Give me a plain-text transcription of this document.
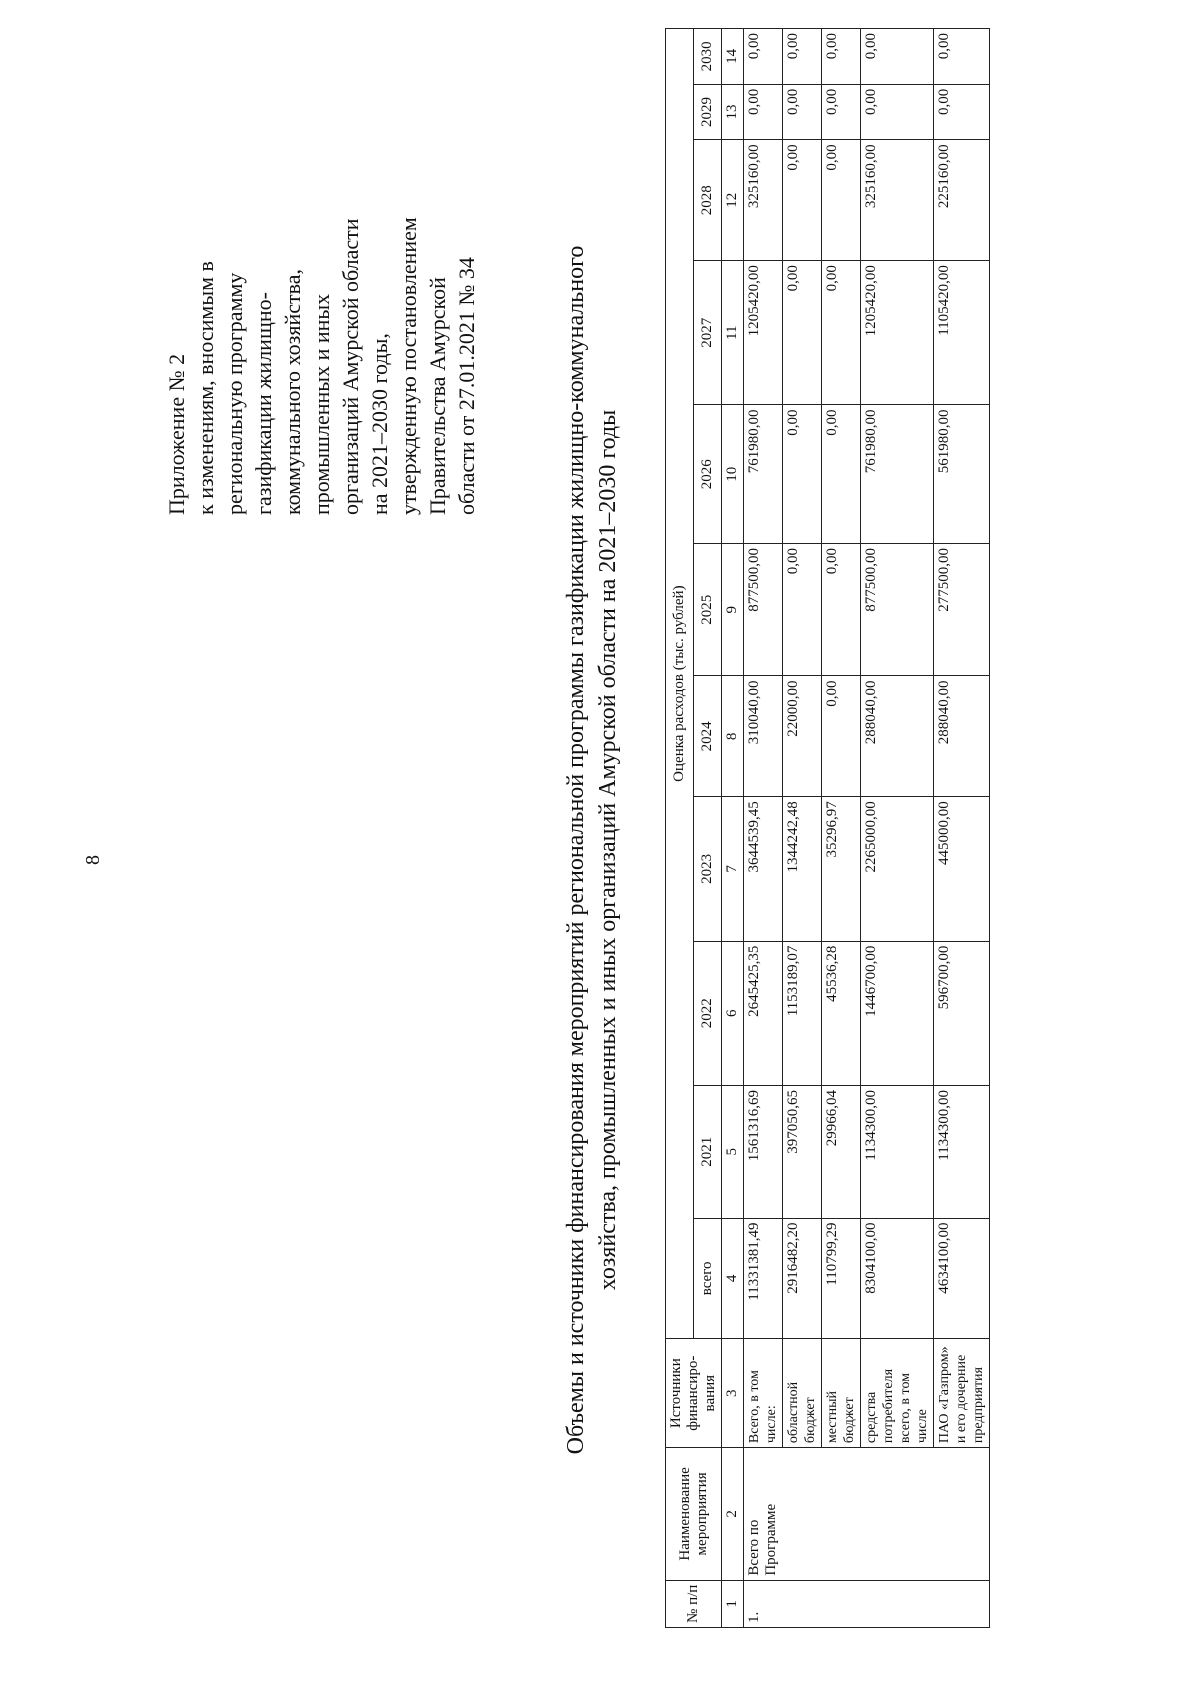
8
Приложение № 2 к изменениям, вносимым в региональную программу газификации жилищно- коммунального хозяйства, промышленных и иных организаций Амурской области на 2021–2030 годы, утвержденную постановлением Правительства Амурской области от 27.01.2021 № 34	Объемы и источники финансирования мероприятий региональной программы газификации жилищно-коммунального хозяйства, промышленных и иных организаций Амурской области на 2021–2030 годы
№ п/п	Наименование мероприятия	Источники финансиро-вания	Оценка расходов (тыс. рублей)										
			всего	2021	2022	2023	2024	2025	2026	2027	2028	2029	2030
1	2	3	4	5	6	7	8	9	10	11	12	13	14
1.	Всего по Программе	Всего, в том числе:	11331381,49	1561316,69	2645425,35	3644539,45	310040,00	877500,00	761980,00	1205420,00	325160,00	0,00	0,00
		областной бюджет	2916482,20	397050,65	1153189,07	1344242,48	22000,00	0,00	0,00	0,00	0,00	0,00	0,00
		местный бюджет	110799,29	29966,04	45536,28	35296,97	0,00	0,00	0,00	0,00	0,00	0,00	0,00
		средства потребителя всего, в том числе	8304100,00	1134300,00	1446700,00	2265000,00	288040,00	877500,00	761980,00	1205420,00	325160,00	0,00	0,00
		ПАО «Газпром» и его дочерние предприятия	4634100,00	1134300,00	596700,00	445000,00	288040,00	277500,00	561980,00	1105420,00	225160,00	0,00	0,00
